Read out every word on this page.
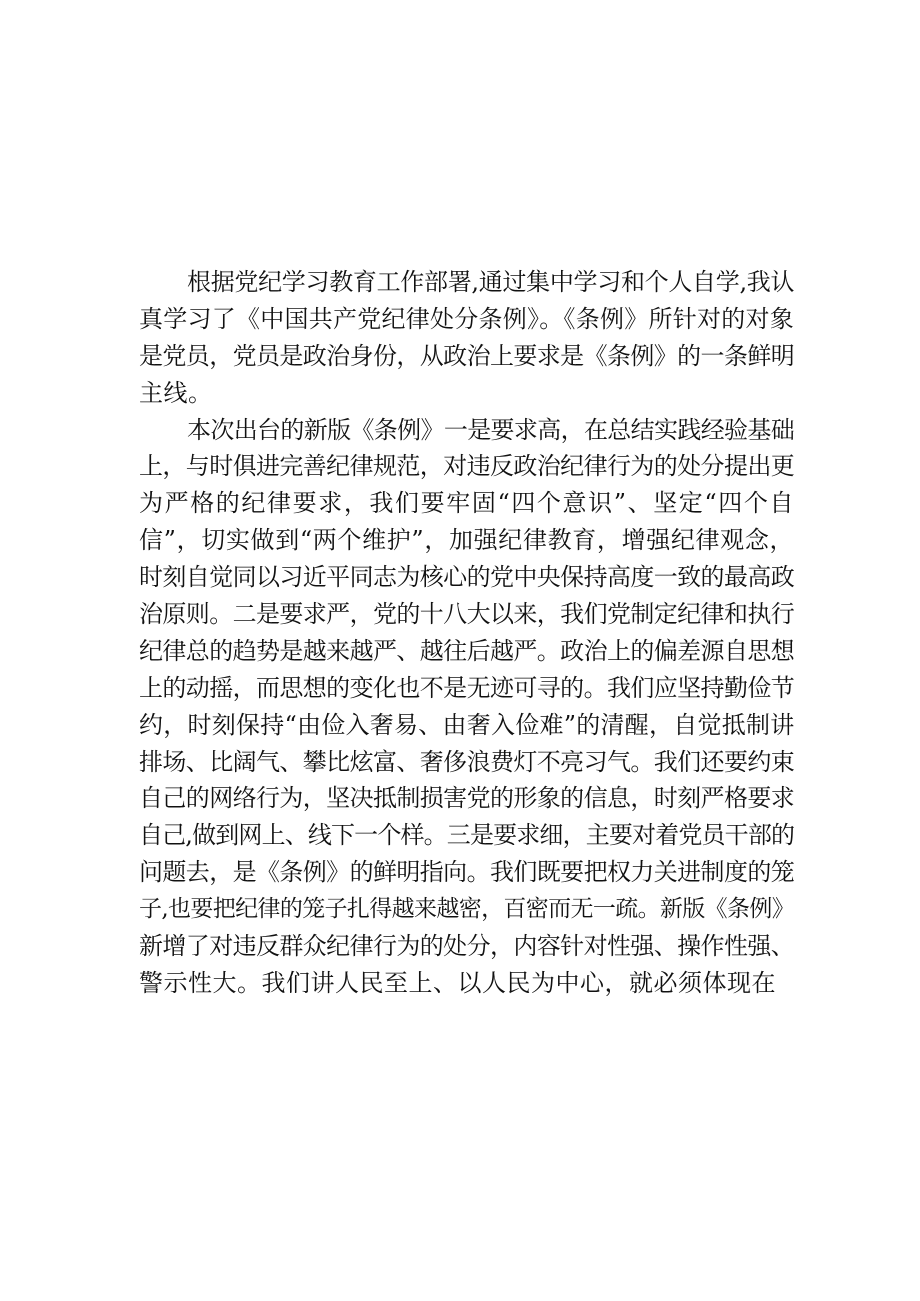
根据党纪学习教育工作部署,通过集中学习和个人自学,我认
真学习了《中国共产党纪律处分条例》。《条例》所针对的对象
是党员，党员是政治身份，从政治上要求是《条例》的一条鲜明
主线。
本次出台的新版《条例》一是要求高，在总结实践经验基础
上，与时俱进完善纪律规范，对违反政治纪律行为的处分提出更
为严格的纪律要求，我们要牢固“四个意识”、坚定“四个自
信”，切实做到“两个维护”，加强纪律教育，增强纪律观念，
时刻自觉同以习近平同志为核心的党中央保持高度一致的最高政
治原则。二是要求严，党的十八大以来，我们党制定纪律和执行
纪律总的趋势是越来越严、越往后越严。政治上的偏差源自思想
上的动摇，而思想的变化也不是无迹可寻的。我们应坚持勤俭节
约，时刻保持“由俭入奢易、由奢入俭难”的清醒，自觉抵制讲
排场、比阔气、攀比炫富、奢侈浪费灯不亮习气。我们还要约束
自己的网络行为，坚决抵制损害党的形象的信息，时刻严格要求
自己,做到网上、线下一个样。三是要求细，主要对着党员干部的
问题去，是《条例》的鲜明指向。我们既要把权力关进制度的笼
子,也要把纪律的笼子扎得越来越密，百密而无一疏。新版《条例》
新增了对违反群众纪律行为的处分，内容针对性强、操作性强、
警示性大。我们讲人民至上、以人民为中心，就必须体现在
